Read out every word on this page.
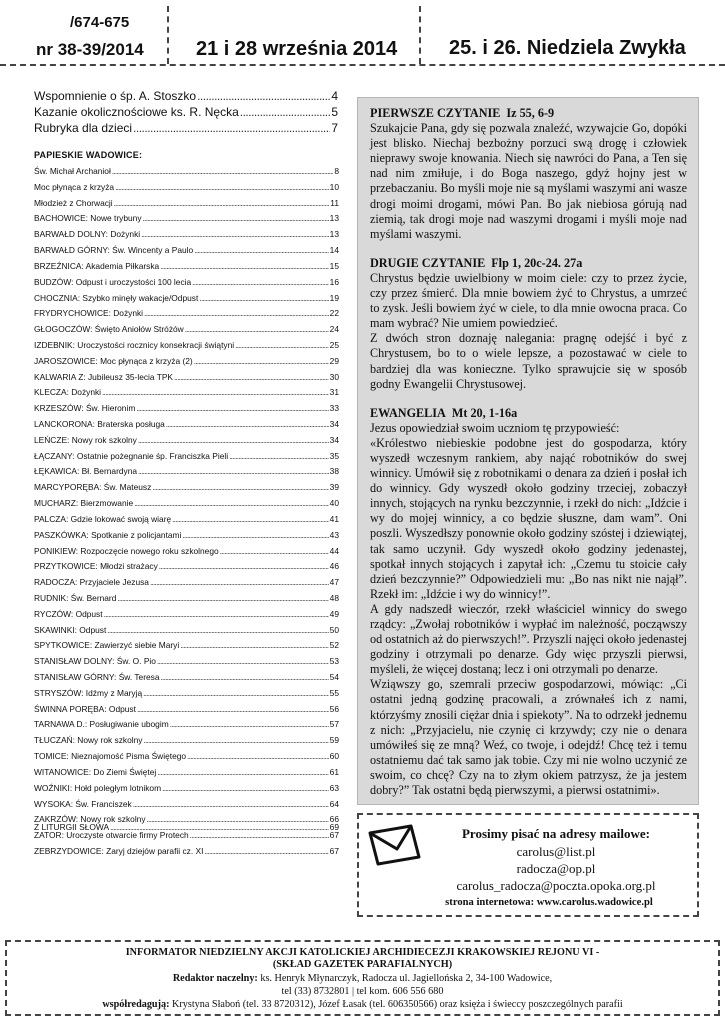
/674-675
nr 38-39/2014	21 i 28 września 2014	25. i 26. Niedziela Zwykła
Wspomnienie o śp. A. Stoszko .....	4
Kazanie okolicznościowe ks. R. Nęcka .....	5
Rubryka dla dzieci .....	7
PAPIESKIE WADOWICE:
Św. Michał Archanioł .....	8
Moc płynąca z krzyża .....	10
Młodzież z Chorwacji .....	11
BACHOWICE: Nowe trybuny .....	13
BARWAŁD DOLNY: Dożynki .....	13
BARWAŁD GÓRNY: Św. Wincenty a Paulo .....	14
BRZEŹNICA: Akademia Piłkarska .....	15
BUDZÓW: Odpust i uroczystości 100 lecia .....	16
CHOCZNIA: Szybko minęły wakacje/Odpust .....	19
FRYDRYCHOWICE: Dożynki .....	22
GŁOGOCZÓW: Święto Aniołów Stróżów .....	24
IZDEBNIK: Uroczystości rocznicy konsekracji świątyni .....	25
JAROSZOWICE: Moc płynąca z krzyża (2) .....	29
KALWARIA Z: Jubileusz 35-lecia TPK .....	30
KLECZA: Dożynki .....	31
KRZESZÓW: Św. Hieronim .....	33
LANCKORONA: Braterska posługa .....	34
LEŃCZE: Nowy rok szkolny .....	34
ŁĄCZANY: Ostatnie pożegnanie śp. Franciszka Pieli .....	35
ŁĘKAWICA: Bł. Bernardyna .....	38
MARCYPORĘBA: Św. Mateusz .....	39
MUCHARZ: Bierzmowanie .....	40
PALCZA: Gdzie lokować swoją wiarę .....	41
PASZKÓWKA: Spotkanie z policjantami .....	43
PONIKIEW: Rozpoczęcie nowego roku szkolnego .....	44
PRZYTKOWICE: Młodzi strażacy .....	46
RADOCZA: Przyjaciele Jezusa .....	47
RUDNIK: Św. Bernard .....	48
RYCZÓW: Odpust .....	49
SKAWINKI: Odpust .....	50
SPYTKOWICE: Zawierzyć siebie Maryi .....	52
STANISŁAW DOLNY: Św. O. Pio .....	53
STANISŁAW GÓRNY: Św. Teresa .....	54
STRYSZÓW: Idźmy z Maryją .....	55
ŚWINNA PORĘBA: Odpust .....	56
TARNAWA D.: Posługiwanie ubogim .....	57
TŁUCZAŃ: Nowy rok szkolny .....	59
TOMICE: Nieznajomość Pisma Świętego .....	60
WITANOWICE: Do Ziemi Świętej .....	61
WOŹNIKI: Hołd poległym lotnikom .....	63
WYSOKA: Św. Franciszek .....	64
ZAKRZÓW: Nowy rok szkolny .....	66
ZATOR: Uroczyste otwarcie firmy Protech .....	67
ZEBRZYDOWICE: Zaryj dziejów parafii cz. XI .....	67
Z LITURGII SŁOWA .....	69
PIERWSZE CZYTANIE Iz 55, 6-9

Szukajcie Pana, gdy się pozwala znaleźć, wzywajcie Go, dopóki jest blisko. Niechaj bezbożny porzuci swą drogę i człowiek nieprawy swoje knowania. Niech się nawróci do Pana, a Ten się nad nim zmiłuje, i do Boga naszego, gdyż hojny jest w przebaczaniu. Bo myśli moje nie są myślami waszymi ani wasze drogi moimi drogami, mówi Pan. Bo jak niebiosa górują nad ziemią, tak drogi moje nad waszymi drogami i myśli moje nad myślami waszymi.

DRUGIE CZYTANIE Flp 1, 20c-24. 27a

Chrystus będzie uwielbiony w moim ciele: czy to przez życie, czy przez śmierć. Dla mnie bowiem żyć to Chrystus, a umrzeć to zysk. Jeśli bowiem żyć w ciele, to dla mnie owocna praca. Co mam wybrać? Nie umiem powiedzieć.

Z dwóch stron doznaję nalegania: pragnę odejść i być z Chrystusem, bo to o wiele lepsze, a pozostawać w ciele to bardziej dla was konieczne. Tylko sprawujcie się w sposób godny Ewangelii Chrystusowej.

EWANGELIA Mt 20, 1-16a

Jezus opowiedział swoim uczniom tę przypowieść:

«Królestwo niebieskie podobne jest do gospodarza, który wyszedł wczesnym rankiem, aby nająć robotników do swej winnicy. Umówił się z robotnikami o denara za dzień i posłał ich do winnicy. Gdy wyszedł około godziny trzeciej, zobaczył innych, stojących na rynku bezczynnie, i rzekł do nich: „Idźcie i wy do mojej winnicy, a co będzie słuszne, dam wam”. Oni poszli. Wyszedłszy ponownie około godziny szóstej i dziewiątej, tak samo uczynił. Gdy wyszedł około godziny jedenastej, spotkał innych stojących i zapytał ich: „Czemu tu stoicie cały dzień bezczynnie?” Odpowiedzieli mu: „Bo nas nikt nie najął”. Rzekł im: „Idźcie i wy do winnicy!”.

A gdy nadszedł wieczór, rzekł właściciel winnicy do swego rządcy: „Zwołaj robotników i wypłać im należność, począwszy od ostatnich aż do pierwszych!”. Przyszli najęci około jedenastej godziny i otrzymali po denarze. Gdy więc przyszli pierwsi, myśleli, że więcej dostaną; lecz i oni otrzymali po denarze.

Wziąwszy go, szemrali przeciw gospodarzowi, mówiąc: „Ci ostatni jedną godzinę pracowali, a zrównałeś ich z nami, którzyśmy znosili ciężar dnia i spiekoty”. Na to odrzekł jednemu z nich: „Przyjacielu, nie czynię ci krzywdy; czy nie o denara umówiłeś się ze mną? Weź, co twoje, i odejdź! Chcę też i temu ostatniemu dać tak samo jak tobie. Czy mi nie wolno uczynić ze swoim, co chcę? Czy na to złym okiem patrzysz, że ja jestem dobry?” Tak ostatni będą pierwszymi, a pierwsi ostatnimi».

Prosimy pisać na adresy mailowe:
carolus@list.pl
radocza@op.pl
carolus_radocza@poczta.opoka.org.pl
strona internetowa: www.carolus.wadowice.pl
INFORMATOR NIEDZIELNY AKCJI KATOLICKIEJ ARCHIDIECEZJI KRAKOWSKIEJ REJONU VI -
(SKŁAD GAZETEK PARAFIALNYCH)
Redaktor naczelny: ks. Henryk Młynarczyk, Radocza ul. Jagiellońska 2, 34-100 Wadowice,
tel (33) 8732801 | tel kom. 606 556 680
współredagują: Krystyna Słaboń (tel. 33 8720312), Józef Łasak (tel. 606350566) oraz księża i świeccy poszczególnych parafii
